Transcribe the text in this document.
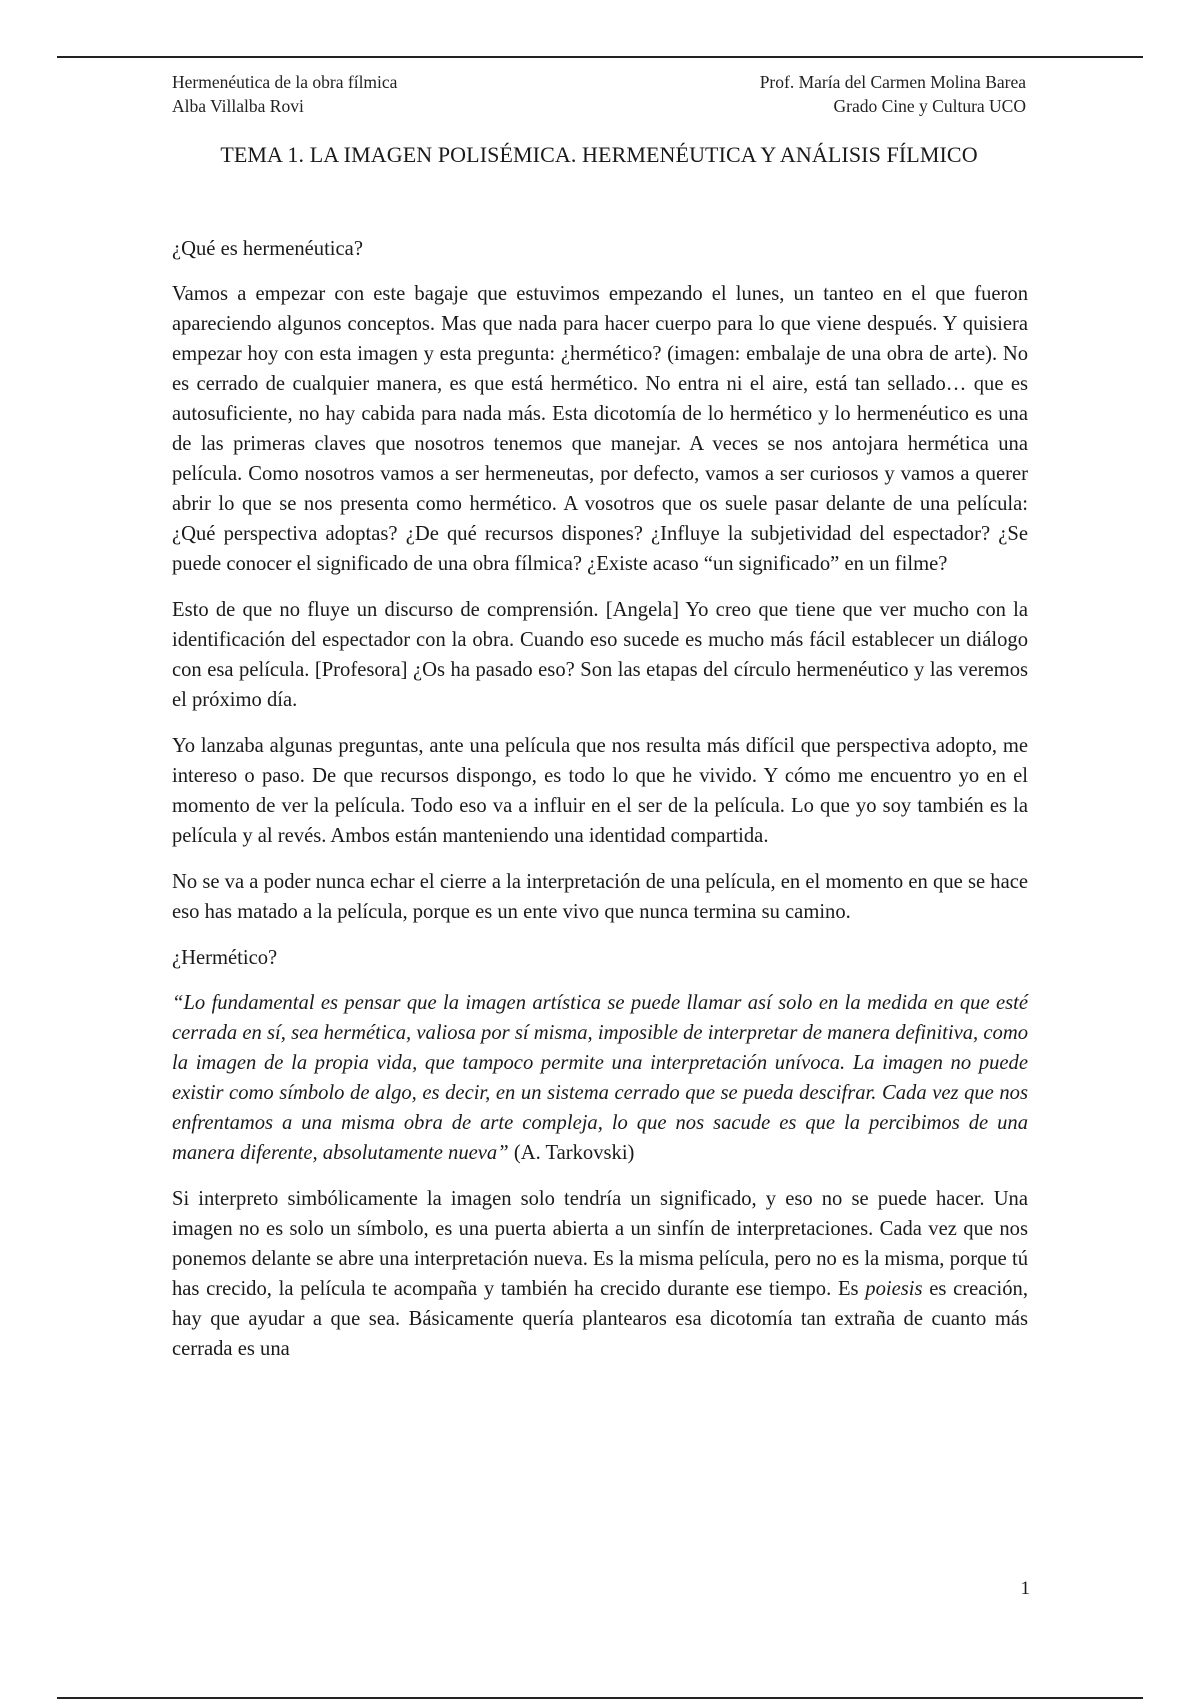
Hermenéutica de la obra fílmica	Prof. María del Carmen Molina Barea
Alba Villalba Rovi	Grado Cine y Cultura UCO
TEMA 1. LA IMAGEN POLISÉMICA. HERMENÉUTICA Y ANÁLISIS FÍLMICO

¿Qué es hermenéutica?

Vamos a empezar con este bagaje que estuvimos empezando el lunes, un tanteo en el que fueron apareciendo algunos conceptos. Mas que nada para hacer cuerpo para lo que viene después. Y quisiera empezar hoy con esta imagen y esta pregunta: ¿hermético? (imagen: embalaje de una obra de arte). No es cerrado de cualquier manera, es que está hermético. No entra ni el aire, está tan sellado… que es autosuficiente, no hay cabida para nada más. Esta dicotomía de lo hermético y lo hermenéutico es una de las primeras claves que nosotros tenemos que manejar. A veces se nos antojara hermética una película. Como nosotros vamos a ser hermeneutas, por defecto, vamos a ser curiosos y vamos a querer abrir lo que se nos presenta como hermético. A vosotros que os suele pasar delante de una película: ¿Qué perspectiva adoptas? ¿De qué recursos dispones? ¿Influye la subjetividad del espectador? ¿Se puede conocer el significado de una obra fílmica? ¿Existe acaso “un significado” en un filme?

Esto de que no fluye un discurso de comprensión. [Angela] Yo creo que tiene que ver mucho con la identificación del espectador con la obra. Cuando eso sucede es mucho más fácil establecer un diálogo con esa película. [Profesora] ¿Os ha pasado eso? Son las etapas del círculo hermenéutico y las veremos el próximo día.

Yo lanzaba algunas preguntas, ante una película que nos resulta más difícil que perspectiva adopto, me intereso o paso. De que recursos dispongo, es todo lo que he vivido. Y cómo me encuentro yo en el momento de ver la película. Todo eso va a influir en el ser de la película. Lo que yo soy también es la película y al revés. Ambos están manteniendo una identidad compartida.

No se va a poder nunca echar el cierre a la interpretación de una película, en el momento en que se hace eso has matado a la película, porque es un ente vivo que nunca termina su camino.

¿Hermético?

“Lo fundamental es pensar que la imagen artística se puede llamar así solo en la medida en que esté cerrada en sí, sea hermética, valiosa por sí misma, imposible de interpretar de manera definitiva, como la imagen de la propia vida, que tampoco permite una interpretación unívoca. La imagen no puede existir como símbolo de algo, es decir, en un sistema cerrado que se pueda descifrar. Cada vez que nos enfrentamos a una misma obra de arte compleja, lo que nos sacude es que la percibimos de una manera diferente, absolutamente nueva” (A. Tarkovski)

Si interpreto simbólicamente la imagen solo tendría un significado, y eso no se puede hacer. Una imagen no es solo un símbolo, es una puerta abierta a un sinfín de interpretaciones. Cada vez que nos ponemos delante se abre una interpretación nueva. Es la misma película, pero no es la misma, porque tú has crecido, la película te acompaña y también ha crecido durante ese tiempo. Es poiesis es creación, hay que ayudar a que sea. Básicamente quería plantearos esa dicotomía tan extraña de cuanto más cerrada es una

1
